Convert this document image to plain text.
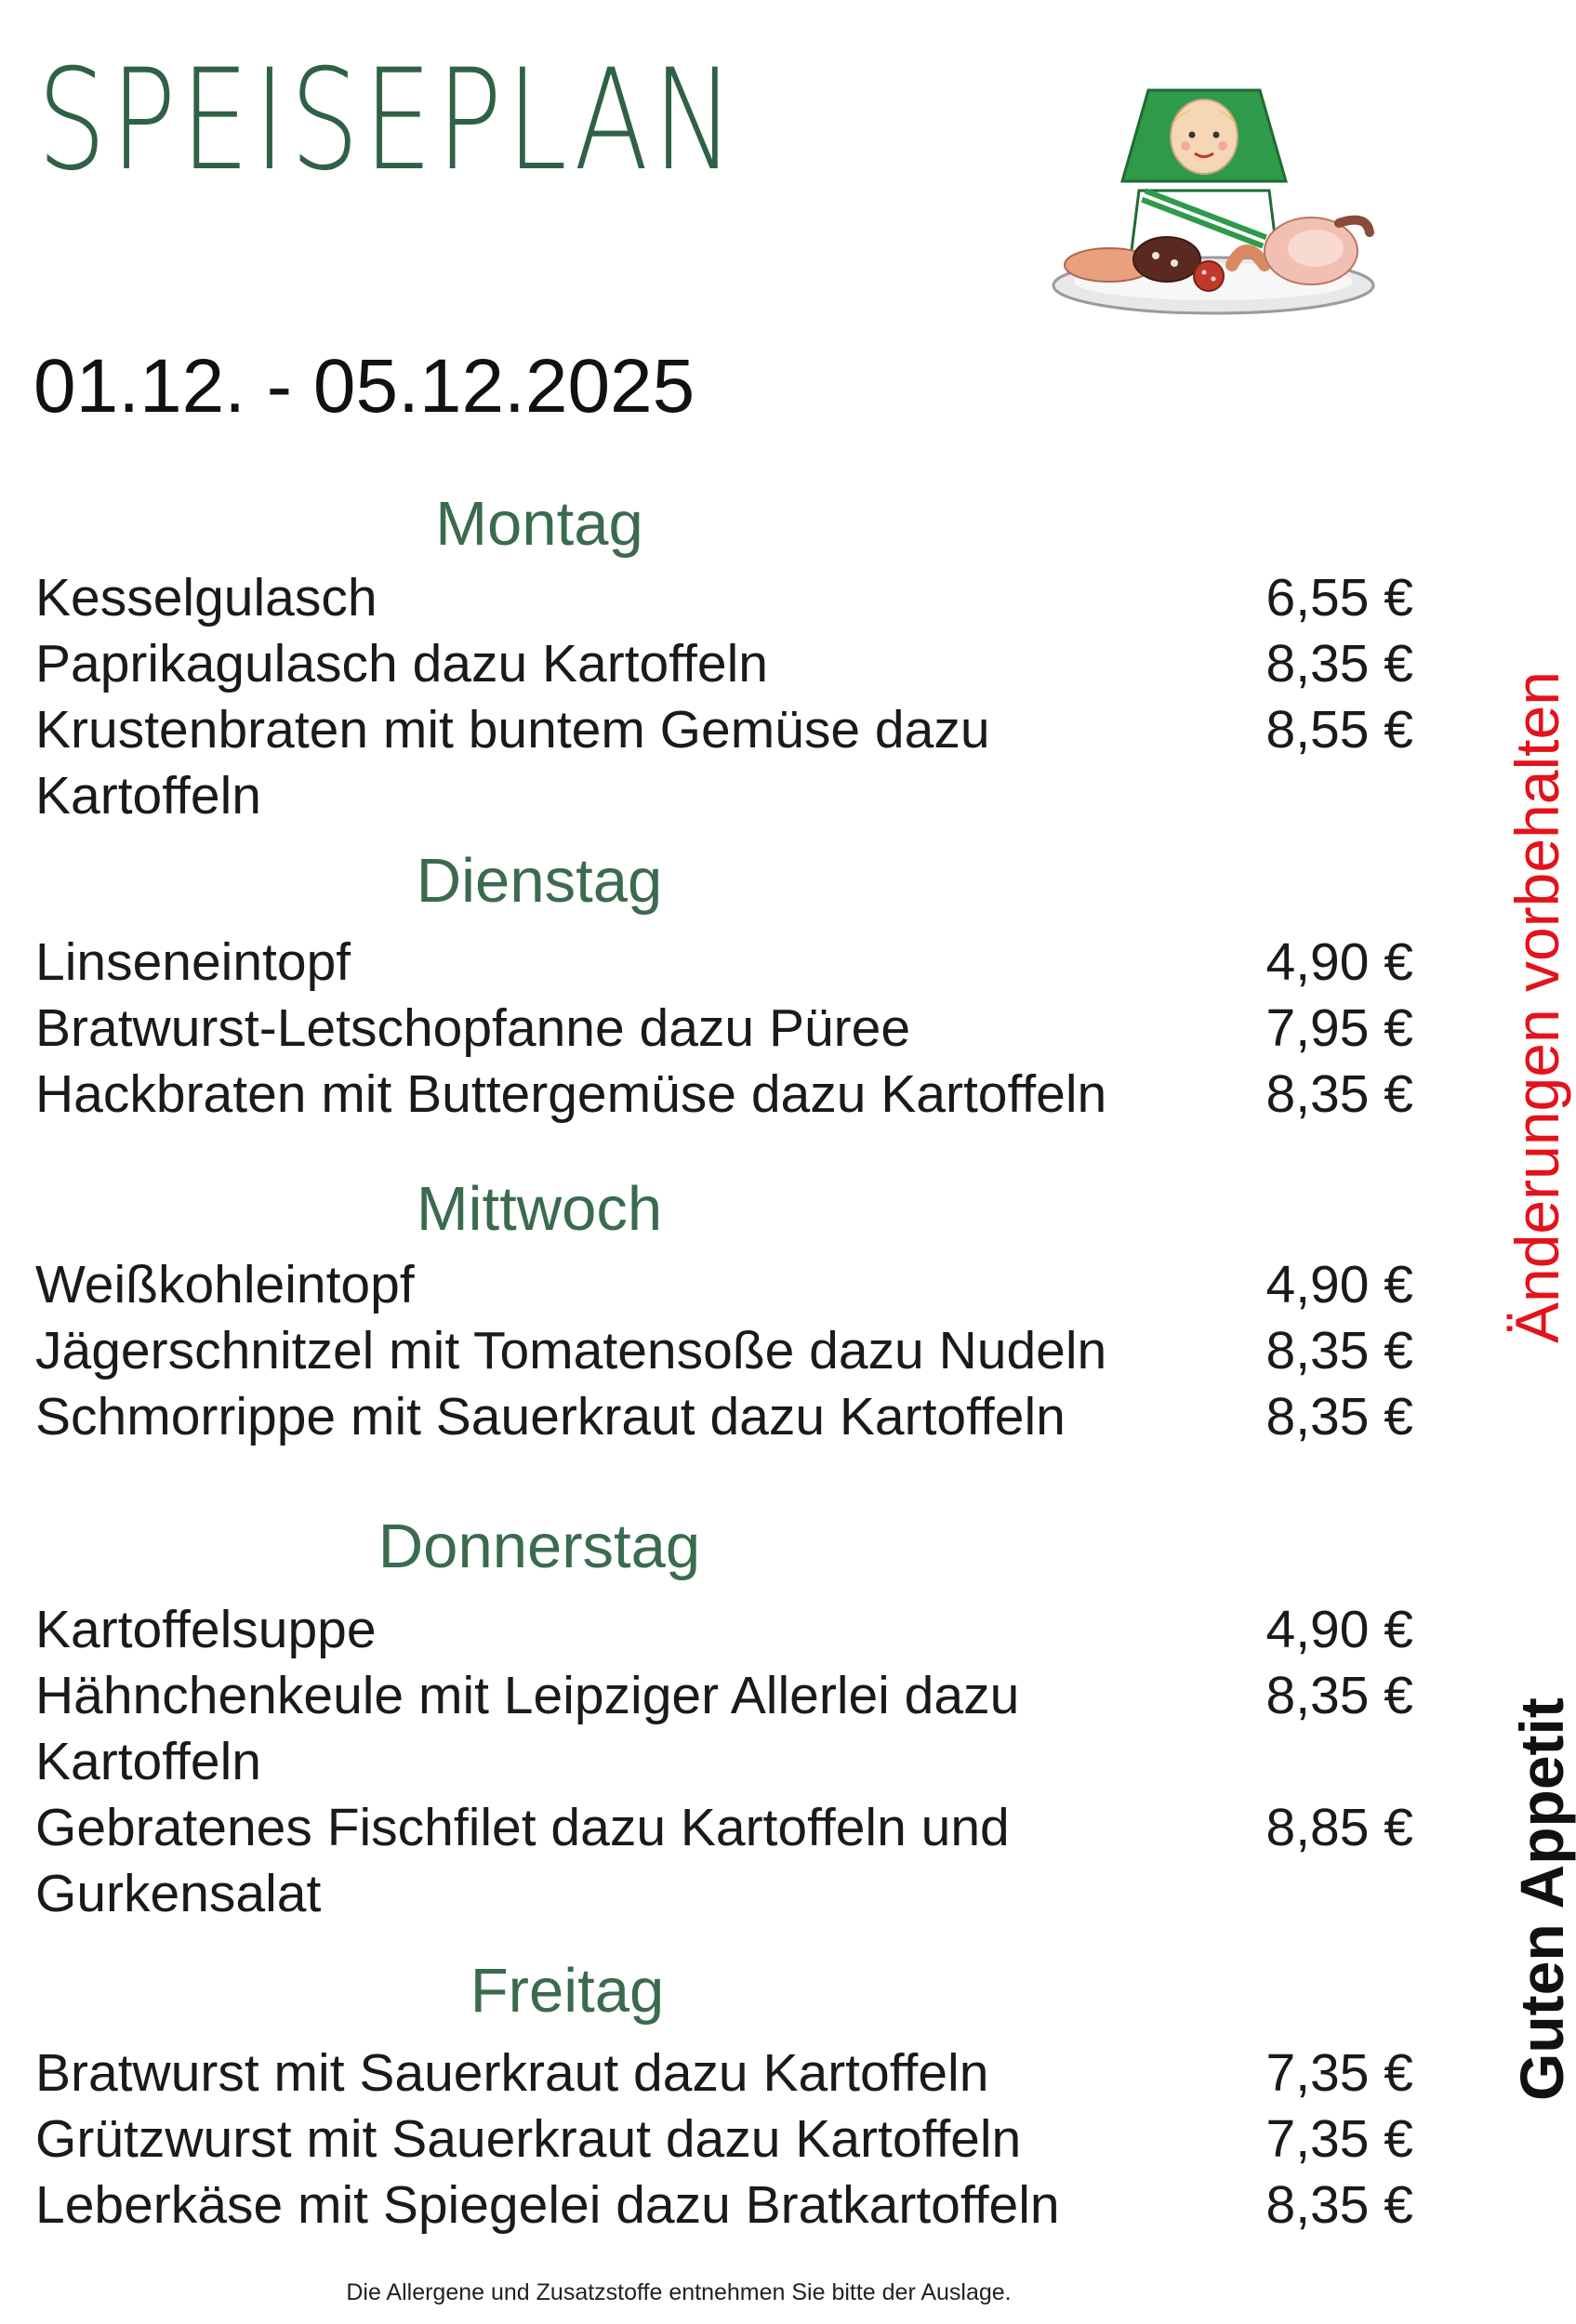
SPEISEPLAN
01.12. - 05.12.2025
Montag
Kesselgulasch	6,55 €
Paprikagulasch dazu Kartoffeln	8,35 €
Krustenbraten mit buntem Gemüse dazu
Kartoffeln
8,55 €
Dienstag
Linseneintopf	4,90 €
Bratwurst-Letschopfanne dazu Püree	7,95 €
Hackbraten mit Buttergemüse dazu Kartoffeln	8,35 €
Mittwoch
Weißkohleintopf	4,90 €
Jägerschnitzel mit Tomatensoße dazu Nudeln	8,35 €
Schmorrippe mit Sauerkraut dazu Kartoffeln	8,35 €
Donnerstag
Kartoffelsuppe	4,90 €
Hähnchenkeule mit Leipziger Allerlei dazu
Kartoffeln
8,35 €
Gebratenes Fischfilet dazu Kartoffeln und
Gurkensalat
8,85 €
Freitag
Bratwurst mit Sauerkraut dazu Kartoffeln	7,35 €
Grützwurst mit Sauerkraut dazu Kartoffeln	7,35 €
Leberkäse mit Spiegelei dazu Bratkartoffeln	8,35 €
Änderungen vorbehalten
Guten Appetit
Die Allergene und Zusatzstoffe entnehmen Sie bitte der Auslage.
